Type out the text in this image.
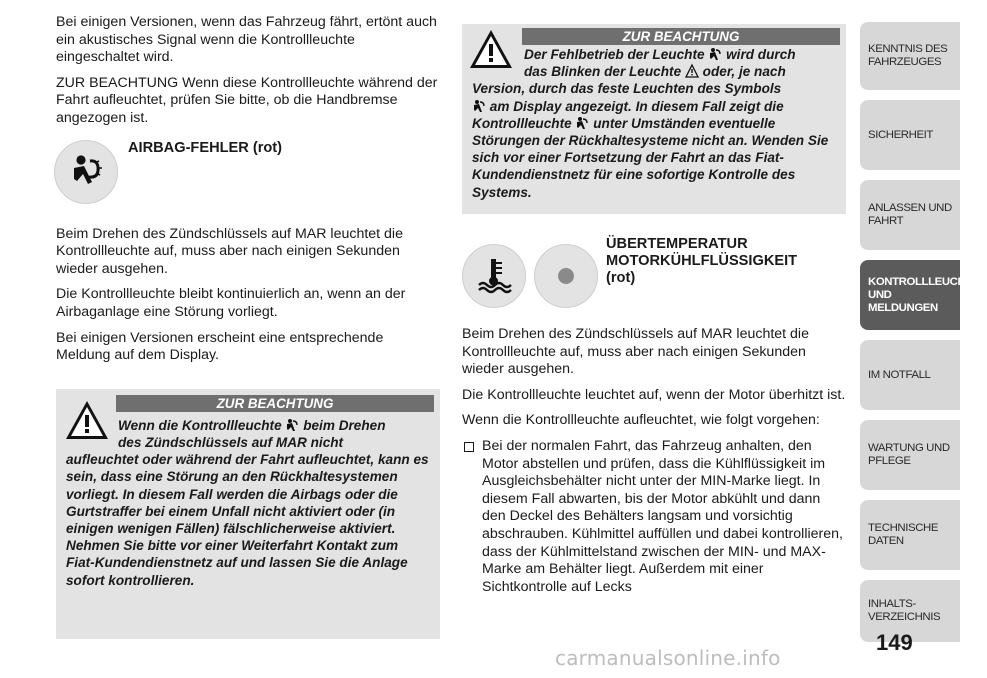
Bei einigen Versionen, wenn das Fahrzeug fährt, ertönt auch ein akustisches Signal wenn die Kontrollleuchte eingeschaltet wird.

ZUR BEACHTUNG Wenn diese Kontrollleuchte während der Fahrt aufleuchtet, prüfen Sie bitte, ob die Handbremse angezogen ist.

AIRBAG-FEHLER (rot)

Beim Drehen des Zündschlüssels auf MAR leuchtet die Kontrollleuchte auf, muss aber nach einigen Sekunden wieder ausgehen.

Die Kontrollleuchte bleibt kontinuierlich an, wenn an der Airbaganlage eine Störung vorliegt.

Bei einigen Versionen erscheint eine entsprechende Meldung auf dem Display.

ZUR BEACHTUNG
Wenn die Kontrollleuchte  beim Drehen
des Zündschlüssels auf MAR nicht
aufleuchtet oder während der Fahrt aufleuchtet, kann es sein, dass eine Störung an den Rückhaltesystemen vorliegt. In diesem Fall werden die Airbags oder die Gurtstraffer bei einem Unfall nicht aktiviert oder (in einigen wenigen Fällen) fälschlicherweise aktiviert. Nehmen Sie bitte vor einer Weiterfahrt Kontakt zum Fiat-Kundendienstnetz auf und lassen Sie die Anlage sofort kontrollieren.
ZUR BEACHTUNG
Der Fehlbetrieb der Leuchte  wird durch
das Blinken der Leuchte  oder, je nach
Version, durch das feste Leuchten des Symbols
am Display angezeigt. In diesem Fall zeigt die
Kontrollleuchte  unter Umständen eventuelle
Störungen der Rückhaltesysteme nicht an. Wenden Sie sich vor einer Fortsetzung der Fahrt an das Fiat-Kundendienstnetz für eine sofortige Kontrolle des Systems.
ÜBERTEMPERATUR
MOTORKÜHLFLÜSSIGKEIT
(rot)

Beim Drehen des Zündschlüssels auf MAR leuchtet die Kontrollleuchte auf, muss aber nach einigen Sekunden wieder ausgehen.

Die Kontrollleuchte leuchtet auf, wenn der Motor überhitzt ist.

Wenn die Kontrollleuchte aufleuchtet, wie folgt vorgehen:

Bei der normalen Fahrt, das Fahrzeug anhalten, den Motor abstellen und prüfen, dass die Kühlflüssigkeit im Ausgleichsbehälter nicht unter der MIN-Marke liegt. In diesem Fall abwarten, bis der Motor abkühlt und dann den Deckel des Behälters langsam und vorsichtig abschrauben. Kühlmittel auffüllen und dabei kontrollieren, dass der Kühlmittelstand zwischen der MIN- und MAX-Marke am Behälter liegt. Außerdem mit einer Sichtkontrolle auf Lecks

KENNTNIS DES
FAHRZEUGES
SICHERHEIT
ANLASSEN UND
FAHRT
KONTROLLLEUCHTEN
UND MELDUNGEN
IM NOTFALL
WARTUNG UND
PFLEGE
TECHNISCHE DATEN
INHALTS-
VERZEICHNIS
149
carmanualsonline.info
